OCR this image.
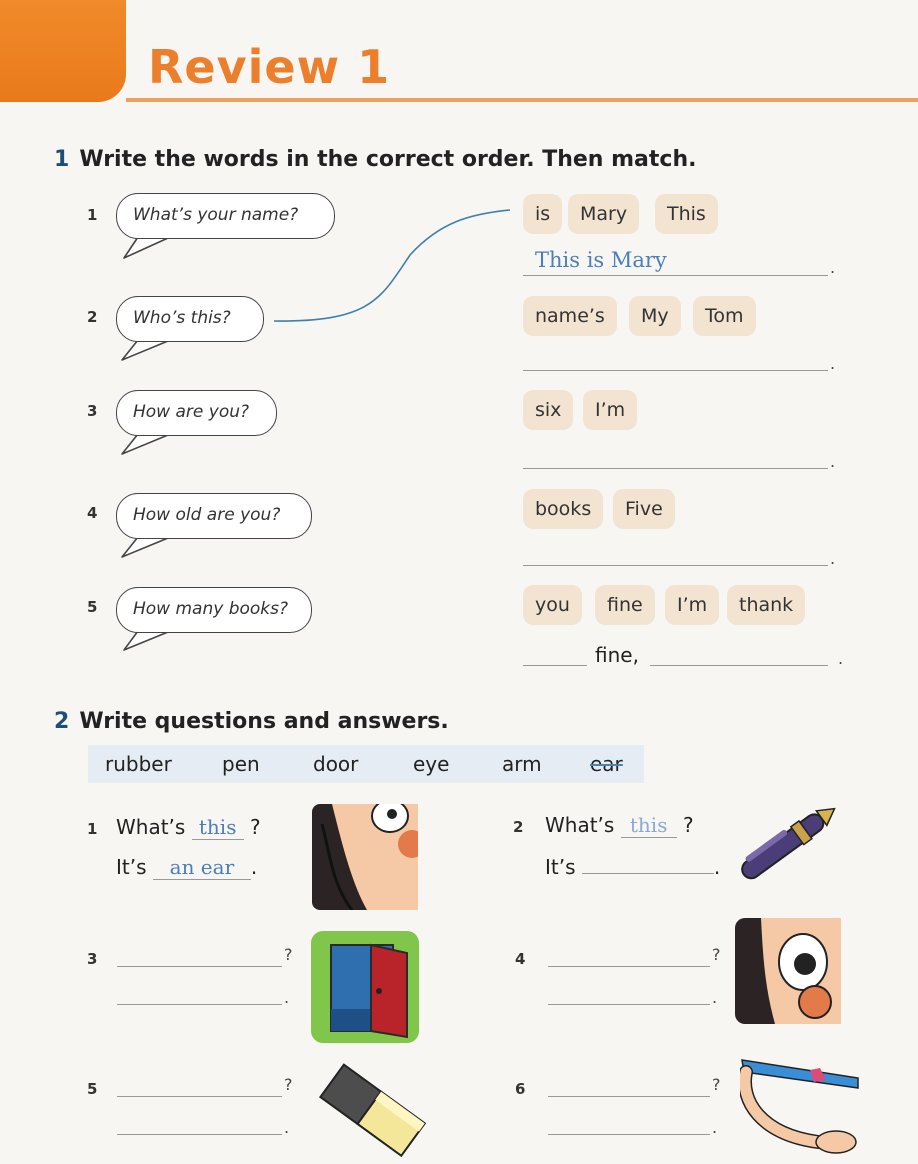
Review 1
1 Write the words in the correct order. Then match.
1	What’s your name?	is	Mary	This
This is Mary	.
2	Who’s this?	name’s	My	Tom
.
3	How are you?	six	I’m
.
4	How old are you?	books	Five
.
5	How many books?	you	fine	I’m	thank
fine,	.
2 Write questions and answers.
rubber	pen	door	eye	arm ear
1 What’s this ?
It’s an ear .
2 What’s this ?
It’s	.
3	?
.
4	?
.
5	?
.
6	?
.
